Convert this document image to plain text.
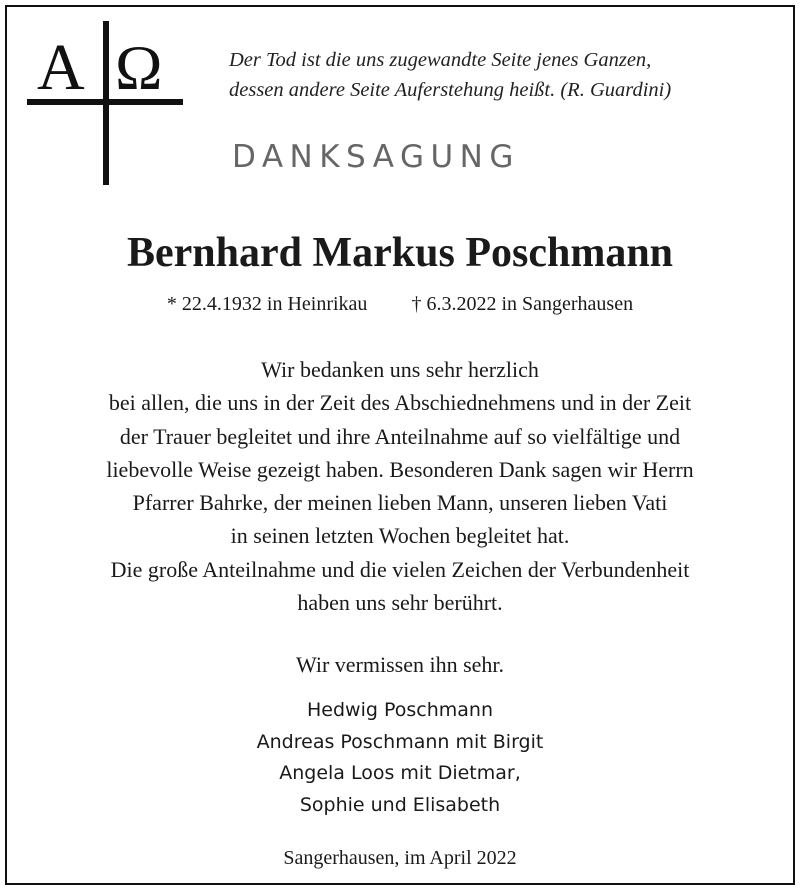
A Ω	Der Tod ist die uns zugewandte Seite jenes Ganzen,
dessen andere Seite Auferstehung heißt. (R. Guardini)
DANKSAGUNG
Bernhard Markus Poschmann
* 22.4.1932 in Heinrikau † 6.3.2022 in Sangerhausen
Wir bedanken uns sehr herzlich
bei allen, die uns in der Zeit des Abschiednehmens und in der Zeit
der Trauer begleitet und ihre Anteilnahme auf so vielfältige und
liebevolle Weise gezeigt haben. Besonderen Dank sagen wir Herrn
Pfarrer Bahrke, der meinen lieben Mann, unseren lieben Vati
in seinen letzten Wochen begleitet hat.
Die große Anteilnahme und die vielen Zeichen der Verbundenheit
haben uns sehr berührt.
Wir vermissen ihn sehr.
Hedwig Poschmann
Andreas Poschmann mit Birgit
Angela Loos mit Dietmar,
Sophie und Elisabeth
Sangerhausen, im April 2022
